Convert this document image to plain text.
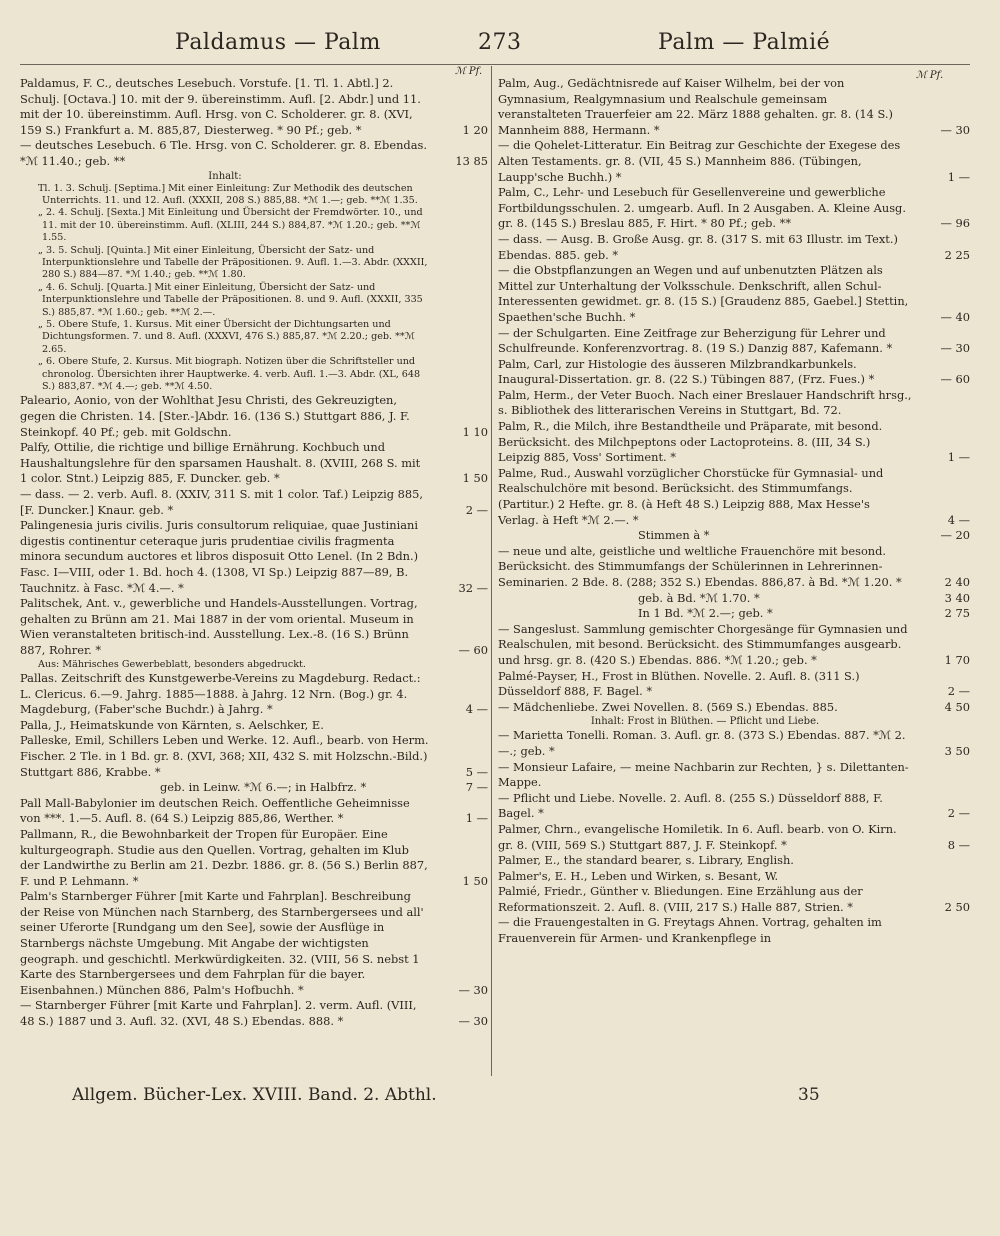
Paldamus — Palm	273	Palm — Palmié
ℳ Pf.	ℳ Pf.
Paldamus, F. C., deutsches Lesebuch. Vorstufe. [1. Tl. 1. Abtl.] 2. Schulj. [Octava.] 10. mit der 9. übereinstimm. Aufl. [2. Abdr.] und 11. mit der 10. übereinstimm. Aufl. Hrsg. von C. Scholderer. gr. 8. (XVI, 159 S.) Frankfurt a. M. 885,87, Diesterweg. * 90 Pf.; geb. *	1 20
— deutsches Lesebuch. 6 Tle. Hrsg. von C. Scholderer. gr. 8. Ebendas. *ℳ 11.40.; geb. **	13 85
Inhalt:
Tl. 1. 3. Schulj. [Septima.] Mit einer Einleitung: Zur Methodik des deutschen Unterrichts. 11. und 12. Aufl. (XXXII, 208 S.) 885,88. *ℳ 1.—; geb. **ℳ 1.35.
„ 2. 4. Schulj. [Sexta.] Mit Einleitung und Übersicht der Fremdwörter. 10., und 11. mit der 10. übereinstimm. Aufl. (XLIII, 244 S.) 884,87. *ℳ 1.20.; geb. **ℳ 1.55.
„ 3. 5. Schulj. [Quinta.] Mit einer Einleitung, Übersicht der Satz- und Interpunktionslehre und Tabelle der Präpositionen. 9. Aufl. 1.—3. Abdr. (XXXII, 280 S.) 884—87. *ℳ 1.40.; geb. **ℳ 1.80.
„ 4. 6. Schulj. [Quarta.] Mit einer Einleitung, Übersicht der Satz- und Interpunktionslehre und Tabelle der Präpositionen. 8. und 9. Aufl. (XXXII, 335 S.) 885,87. *ℳ 1.60.; geb. **ℳ 2.—.
„ 5. Obere Stufe, 1. Kursus. Mit einer Übersicht der Dichtungsarten und Dichtungsformen. 7. und 8. Aufl. (XXXVI, 476 S.) 885,87. *ℳ 2.20.; geb. **ℳ 2.65.
„ 6. Obere Stufe, 2. Kursus. Mit biograph. Notizen über die Schriftsteller und chronolog. Übersichten ihrer Hauptwerke. 4. verb. Aufl. 1.—3. Abdr. (XL, 648 S.) 883,87. *ℳ 4.—; geb. **ℳ 4.50.
Paleario, Aonio, von der Wohlthat Jesu Christi, des Gekreuzigten, gegen die Christen. 14. [Ster.-]Abdr. 16. (136 S.) Stuttgart 886, J. F. Steinkopf. 40 Pf.; geb. mit Goldschn.	1 10
Palfy, Ottilie, die richtige und billige Ernährung. Kochbuch und Haushaltungslehre für den sparsamen Haushalt. 8. (XVIII, 268 S. mit 1 color. Stnt.) Leipzig 885, F. Duncker. geb. *	1 50
— dass. — 2. verb. Aufl. 8. (XXIV, 311 S. mit 1 color. Taf.) Leipzig 885, [F. Duncker.] Knaur. geb. *	2 —
Palingenesia juris civilis. Juris consultorum reliquiae, quae Justiniani digestis continentur ceteraque juris prudentiae civilis fragmenta minora secundum auctores et libros disposuit Otto Lenel. (In 2 Bdn.) Fasc. I—VIII, oder 1. Bd. hoch 4. (1308, VI Sp.) Leipzig 887—89, B. Tauchnitz. à Fasc. *ℳ 4.—. *	32 —
Palitschek, Ant. v., gewerbliche und Handels-Ausstellungen. Vortrag, gehalten zu Brünn am 21. Mai 1887 in der vom oriental. Museum in Wien veranstalteten britisch-ind. Ausstellung. Lex.-8. (16 S.) Brünn 887, Rohrer. *	— 60
Aus: Mährisches Gewerbeblatt, besonders abgedruckt.
Pallas. Zeitschrift des Kunstgewerbe-Vereins zu Magdeburg. Redact.: L. Clericus. 6.—9. Jahrg. 1885—1888. à Jahrg. 12 Nrn. (Bog.) gr. 4. Magdeburg, (Faber'sche Buchdr.) à Jahrg. *	4 —
Palla, J., Heimatskunde von Kärnten, s. Aelschker, E.
Palleske, Emil, Schillers Leben und Werke. 12. Aufl., bearb. von Herm. Fischer. 2 Tle. in 1 Bd. gr. 8. (XVI, 368; XII, 432 S. mit Holzschn.-Bild.) Stuttgart 886, Krabbe. *	5 —
geb. in Leinw. *ℳ 6.—; in Halbfrz. *	7 —
Pall Mall-Babylonier im deutschen Reich. Oeffentliche Geheimnisse von ***. 1.—5. Aufl. 8. (64 S.) Leipzig 885,86, Werther. *	1 —
Pallmann, R., die Bewohnbarkeit der Tropen für Europäer. Eine kulturgeograph. Studie aus den Quellen. Vortrag, gehalten im Klub der Landwirthe zu Berlin am 21. Dezbr. 1886. gr. 8. (56 S.) Berlin 887, F. und P. Lehmann. *	1 50
Palm's Starnberger Führer [mit Karte und Fahrplan]. Beschreibung der Reise von München nach Starnberg, des Starnbergersees und all' seiner Uferorte [Rundgang um den See], sowie der Ausflüge in Starnbergs nächste Umgebung. Mit Angabe der wichtigsten geograph. und geschichtl. Merkwürdigkeiten. 32. (VIII, 56 S. nebst 1 Karte des Starnbergersees und dem Fahrplan für die bayer. Eisenbahnen.) München 886, Palm's Hofbuchh. *	— 30
— Starnberger Führer [mit Karte und Fahrplan]. 2. verm. Aufl. (VIII, 48 S.) 1887 und 3. Aufl. 32. (XVI, 48 S.) Ebendas. 888. *	— 30
Palm, Aug., Gedächtnisrede auf Kaiser Wilhelm, bei der von Gymnasium, Realgymnasium und Realschule gemeinsam veranstalteten Trauerfeier am 22. März 1888 gehalten. gr. 8. (14 S.) Mannheim 888, Hermann. *	— 30
— die Qohelet-Litteratur. Ein Beitrag zur Geschichte der Exegese des Alten Testaments. gr. 8. (VII, 45 S.) Mannheim 886. (Tübingen, Laupp'sche Buchh.) *	1 —
Palm, C., Lehr- und Lesebuch für Gesellenvereine und gewerbliche Fortbildungsschulen. 2. umgearb. Aufl. In 2 Ausgaben. A. Kleine Ausg. gr. 8. (145 S.) Breslau 885, F. Hirt. * 80 Pf.; geb. **	— 96
— dass. — Ausg. B. Große Ausg. gr. 8. (317 S. mit 63 Illustr. im Text.) Ebendas. 885. geb. *	2 25
— die Obstpflanzungen an Wegen und auf unbenutzten Plätzen als Mittel zur Unterhaltung der Volksschule. Denkschrift, allen Schul-Interessenten gewidmet. gr. 8. (15 S.) [Graudenz 885, Gaebel.] Stettin, Spaethen'sche Buchh. *	— 40
— der Schulgarten. Eine Zeitfrage zur Beherzigung für Lehrer und Schulfreunde. Konferenzvortrag. 8. (19 S.) Danzig 887, Kafemann. *	— 30
Palm, Carl, zur Histologie des äusseren Milzbrandkarbunkels. Inaugural-Dissertation. gr. 8. (22 S.) Tübingen 887, (Frz. Fues.) *	— 60
Palm, Herm., der Veter Buoch. Nach einer Breslauer Handschrift hrsg., s. Bibliothek des litterarischen Vereins in Stuttgart, Bd. 72.
Palm, R., die Milch, ihre Bestandtheile und Präparate, mit besond. Berücksicht. des Milchpeptons oder Lactoproteins. 8. (III, 34 S.) Leipzig 885, Voss' Sortiment. *	1 —
Palme, Rud., Auswahl vorzüglicher Chorstücke für Gymnasial- und Realschulchöre mit besond. Berücksicht. des Stimmumfangs. (Partitur.) 2 Hefte. gr. 8. (à Heft 48 S.) Leipzig 888, Max Hesse's Verlag. à Heft *ℳ 2.—. *	4 —
Stimmen à *	— 20
— neue und alte, geistliche und weltliche Frauenchöre mit besond. Berücksicht. des Stimmumfangs der Schülerinnen in Lehrerinnen-Seminarien. 2 Bde. 8. (288; 352 S.) Ebendas. 886,87. à Bd. *ℳ 1.20. *	2 40
geb. à Bd. *ℳ 1.70. *	3 40
In 1 Bd. *ℳ 2.—; geb. *	2 75
— Sangeslust. Sammlung gemischter Chorgesänge für Gymnasien und Realschulen, mit besond. Berücksicht. des Stimmumfanges ausgearb. und hrsg. gr. 8. (420 S.) Ebendas. 886. *ℳ 1.20.; geb. *	1 70
Palmé-Payser, H., Frost in Blüthen. Novelle. 2. Aufl. 8. (311 S.) Düsseldorf 888, F. Bagel. *	2 —
— Mädchenliebe. Zwei Novellen. 8. (569 S.) Ebendas. 885.	4 50
Inhalt: Frost in Blüthen. — Pflicht und Liebe.
— Marietta Tonelli. Roman. 3. Aufl. gr. 8. (373 S.) Ebendas. 887. *ℳ 2.—.; geb. *	3 50
— Monsieur Lafaire, — meine Nachbarin zur Rechten, } s. Dilettanten-Mappe.
— Pflicht und Liebe. Novelle. 2. Aufl. 8. (255 S.) Düsseldorf 888, F. Bagel. *	2 —
Palmer, Chrn., evangelische Homiletik. In 6. Aufl. bearb. von O. Kirn. gr. 8. (VIII, 569 S.) Stuttgart 887, J. F. Steinkopf. *	8 —
Palmer, E., the standard bearer, s. Library, English.
Palmer's, E. H., Leben und Wirken, s. Besant, W.
Palmié, Friedr., Günther v. Bliedungen. Eine Erzählung aus der Reformationszeit. 2. Aufl. 8. (VIII, 217 S.) Halle 887, Strien. *	2 50
— die Frauengestalten in G. Freytags Ahnen. Vortrag, gehalten im Frauenverein für Armen- und Krankenpflege in
Allgem. Bücher-Lex. XVIII. Band. 2. Abthl.	35
